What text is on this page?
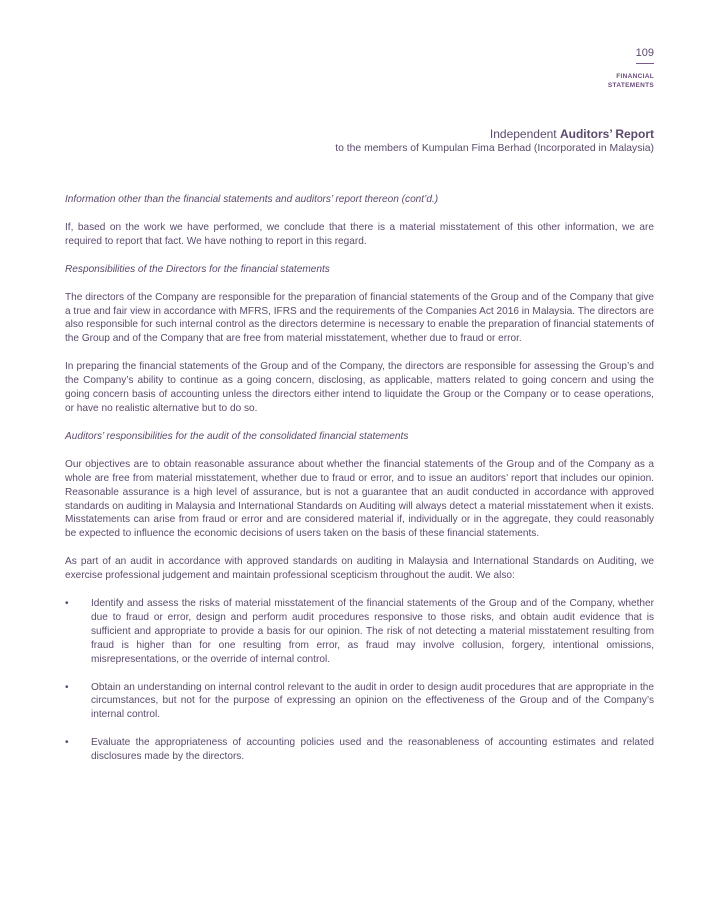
109
FINANCIAL
STATEMENTS
Independent Auditors’ Report
to the members of Kumpulan Fima Berhad (Incorporated in Malaysia)

Information other than the financial statements and auditors’ report thereon (cont’d.)

If, based on the work we have performed, we conclude that there is a material misstatement of this other information, we are required to report that fact. We have nothing to report in this regard.

Responsibilities of the Directors for the financial statements

The directors of the Company are responsible for the preparation of financial statements of the Group and of the Company that give a true and fair view in accordance with MFRS, IFRS and the requirements of the Companies Act 2016 in Malaysia. The directors are also responsible for such internal control as the directors determine is necessary to enable the preparation of financial statements of the Group and of the Company that are free from material misstatement, whether due to fraud or error.

In preparing the financial statements of the Group and of the Company, the directors are responsible for assessing the Group’s and the Company’s ability to continue as a going concern, disclosing, as applicable, matters related to going concern and using the going concern basis of accounting unless the directors either intend to liquidate the Group or the Company or to cease operations, or have no realistic alternative but to do so.

Auditors’ responsibilities for the audit of the consolidated financial statements

Our objectives are to obtain reasonable assurance about whether the financial statements of the Group and of the Company as a whole are free from material misstatement, whether due to fraud or error, and to issue an auditors’ report that includes our opinion. Reasonable assurance is a high level of assurance, but is not a guarantee that an audit conducted in accordance with approved standards on auditing in Malaysia and International Standards on Auditing will always detect a material misstatement when it exists. Misstatements can arise from fraud or error and are considered material if, individually or in the aggregate, they could reasonably be expected to influence the economic decisions of users taken on the basis of these financial statements.

As part of an audit in accordance with approved standards on auditing in Malaysia and International Standards on Auditing, we exercise professional judgement and maintain professional scepticism throughout the audit. We also:

• Identify and assess the risks of material misstatement of the financial statements of the Group and of the Company, whether due to fraud or error, design and perform audit procedures responsive to those risks, and obtain audit evidence that is sufficient and appropriate to provide a basis for our opinion. The risk of not detecting a material misstatement resulting from fraud is higher than for one resulting from error, as fraud may involve collusion, forgery, intentional omissions, misrepresentations, or the override of internal control.
• Obtain an understanding on internal control relevant to the audit in order to design audit procedures that are appropriate in the circumstances, but not for the purpose of expressing an opinion on the effectiveness of the Group and of the Company’s internal control.
• Evaluate the appropriateness of accounting policies used and the reasonableness of accounting estimates and related disclosures made by the directors.
